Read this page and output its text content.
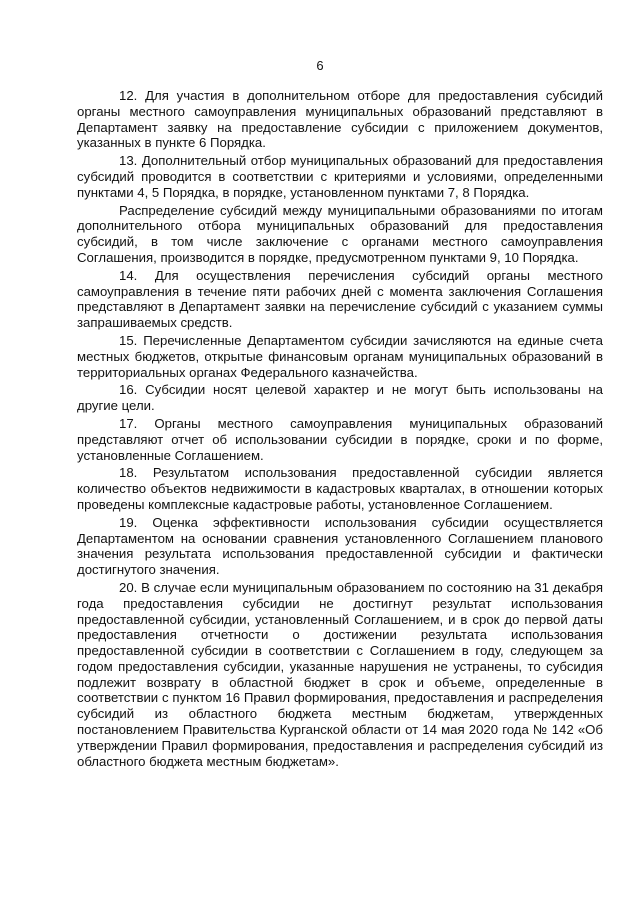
6

12. Для участия в дополнительном отборе для предоставления субсидий органы местного самоуправления муниципальных образований представляют в Департамент заявку на предоставление субсидии с приложением документов, указанных в пункте 6 Порядка.

13. Дополнительный отбор муниципальных образований для предоставления субсидий проводится в соответствии с критериями и условиями, определенными пунктами 4, 5 Порядка, в порядке, установленном пунктами 7, 8 Порядка.

Распределение субсидий между муниципальными образованиями по итогам дополнительного отбора муниципальных образований для предоставления субсидий, в том числе заключение с органами местного самоуправления Соглашения, производится в порядке, предусмотренном пунктами 9, 10 Порядка.

14. Для осуществления перечисления субсидий органы местного самоуправления в течение пяти рабочих дней с момента заключения Соглашения представляют в Департамент заявки на перечисление субсидий с указанием суммы запрашиваемых средств.

15. Перечисленные Департаментом субсидии зачисляются на единые счета местных бюджетов, открытые финансовым органам муниципальных образований в территориальных органах Федерального казначейства.

16. Субсидии носят целевой характер и не могут быть использованы на другие цели.

17. Органы местного самоуправления муниципальных образований представляют отчет об использовании субсидии в порядке, сроки и по форме, установленные Соглашением.

18. Результатом использования предоставленной субсидии является количество объектов недвижимости в кадастровых кварталах, в отношении которых проведены комплексные кадастровые работы, установленное Соглашением.

19. Оценка эффективности использования субсидии осуществляется Департаментом на основании сравнения установленного Соглашением планового значения результата использования предоставленной субсидии и фактически достигнутого значения.

20. В случае если муниципальным образованием по состоянию на 31 декабря года предоставления субсидии не достигнут результат использования предоставленной субсидии, установленный Соглашением, и в срок до первой даты предоставления отчетности о достижении результата использования предоставленной субсидии в соответствии с Соглашением в году, следующем за годом предоставления субсидии, указанные нарушения не устранены, то субсидия подлежит возврату в областной бюджет в срок и объеме, определенные в соответствии с пунктом 16 Правил формирования, предоставления и распределения субсидий из областного бюджета местным бюджетам, утвержденных постановлением Правительства Курганской области от 14 мая 2020 года № 142 «Об утверждении Правил формирования, предоставления и распределения субсидий из областного бюджета местным бюджетам».
